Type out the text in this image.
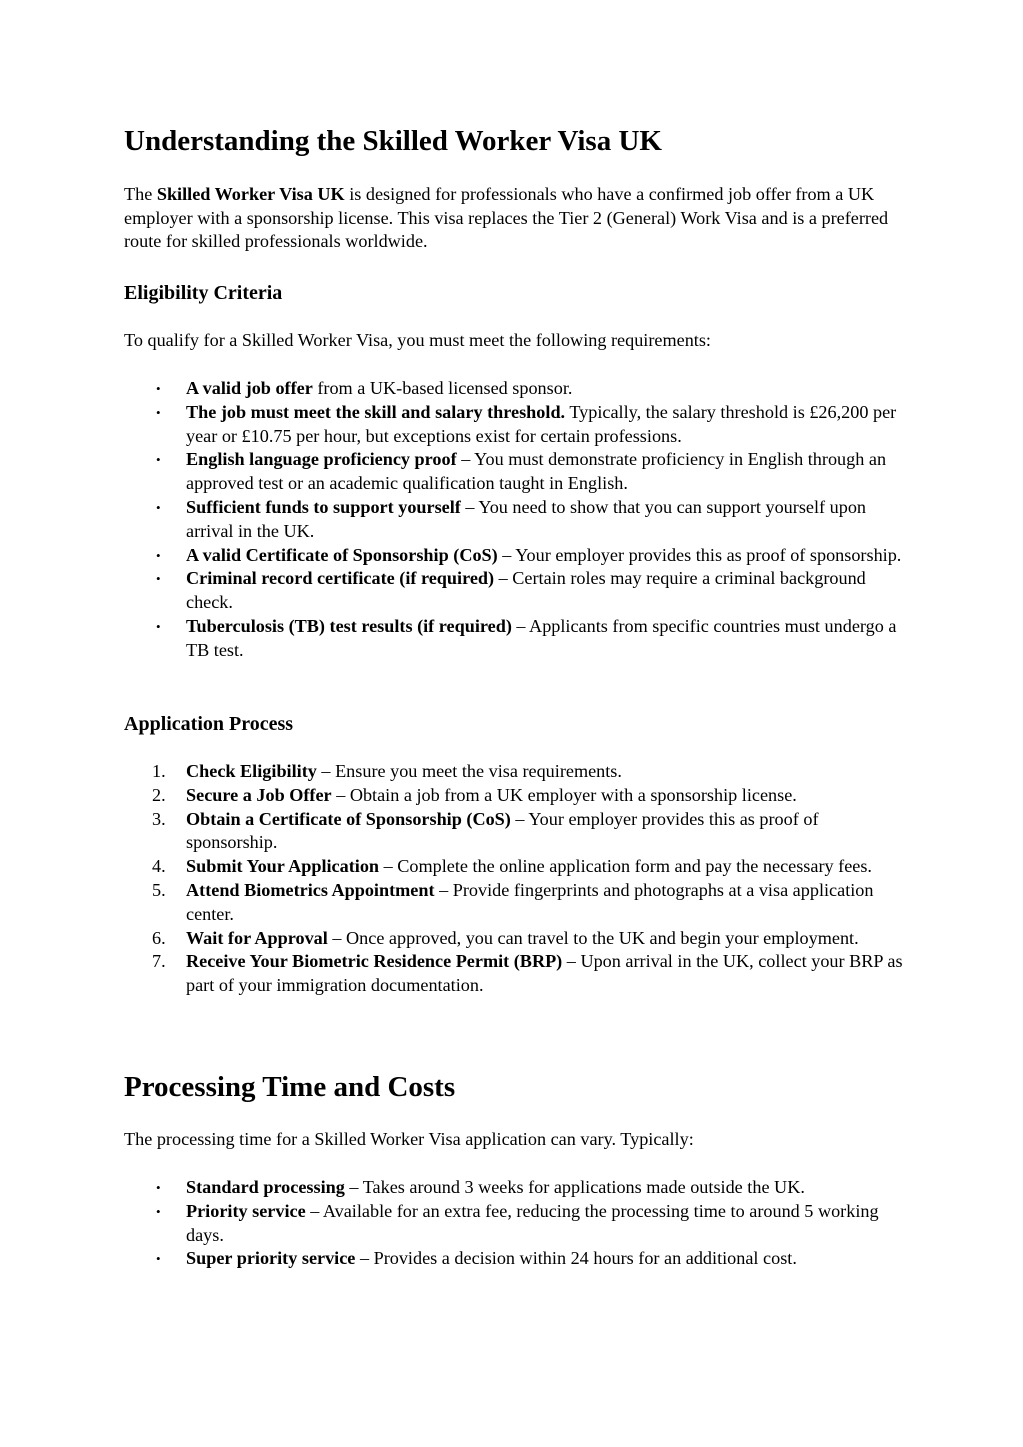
Understanding the Skilled Worker Visa UK

The Skilled Worker Visa UK is designed for professionals who have a confirmed job offer from a UK employer with a sponsorship license. This visa replaces the Tier 2 (General) Work Visa and is a preferred route for skilled professionals worldwide.

Eligibility Criteria

To qualify for a Skilled Worker Visa, you must meet the following requirements:

• A valid job offer from a UK-based licensed sponsor.
• The job must meet the skill and salary threshold. Typically, the salary threshold is £26,200 per year or £10.75 per hour, but exceptions exist for certain professions.
• English language proficiency proof – You must demonstrate proficiency in English through an approved test or an academic qualification taught in English.
• Sufficient funds to support yourself – You need to show that you can support yourself upon arrival in the UK.
• A valid Certificate of Sponsorship (CoS) – Your employer provides this as proof of sponsorship.
• Criminal record certificate (if required) – Certain roles may require a criminal background check.
• Tuberculosis (TB) test results (if required) – Applicants from specific countries must undergo a TB test.
Application Process
1.	Check Eligibility – Ensure you meet the visa requirements.
2.	Secure a Job Offer – Obtain a job from a UK employer with a sponsorship license.
3.	Obtain a Certificate of Sponsorship (CoS) – Your employer provides this as proof of sponsorship.
4.	Submit Your Application – Complete the online application form and pay the necessary fees.
5.	Attend Biometrics Appointment – Provide fingerprints and photographs at a visa application center.
6.	Wait for Approval – Once approved, you can travel to the UK and begin your employment.
7.	Receive Your Biometric Residence Permit (BRP) – Upon arrival in the UK, collect your BRP as part of your immigration documentation.
Processing Time and Costs

The processing time for a Skilled Worker Visa application can vary. Typically:

• Standard processing – Takes around 3 weeks for applications made outside the UK.
• Priority service – Available for an extra fee, reducing the processing time to around 5 working days.
• Super priority service – Provides a decision within 24 hours for an additional cost.
